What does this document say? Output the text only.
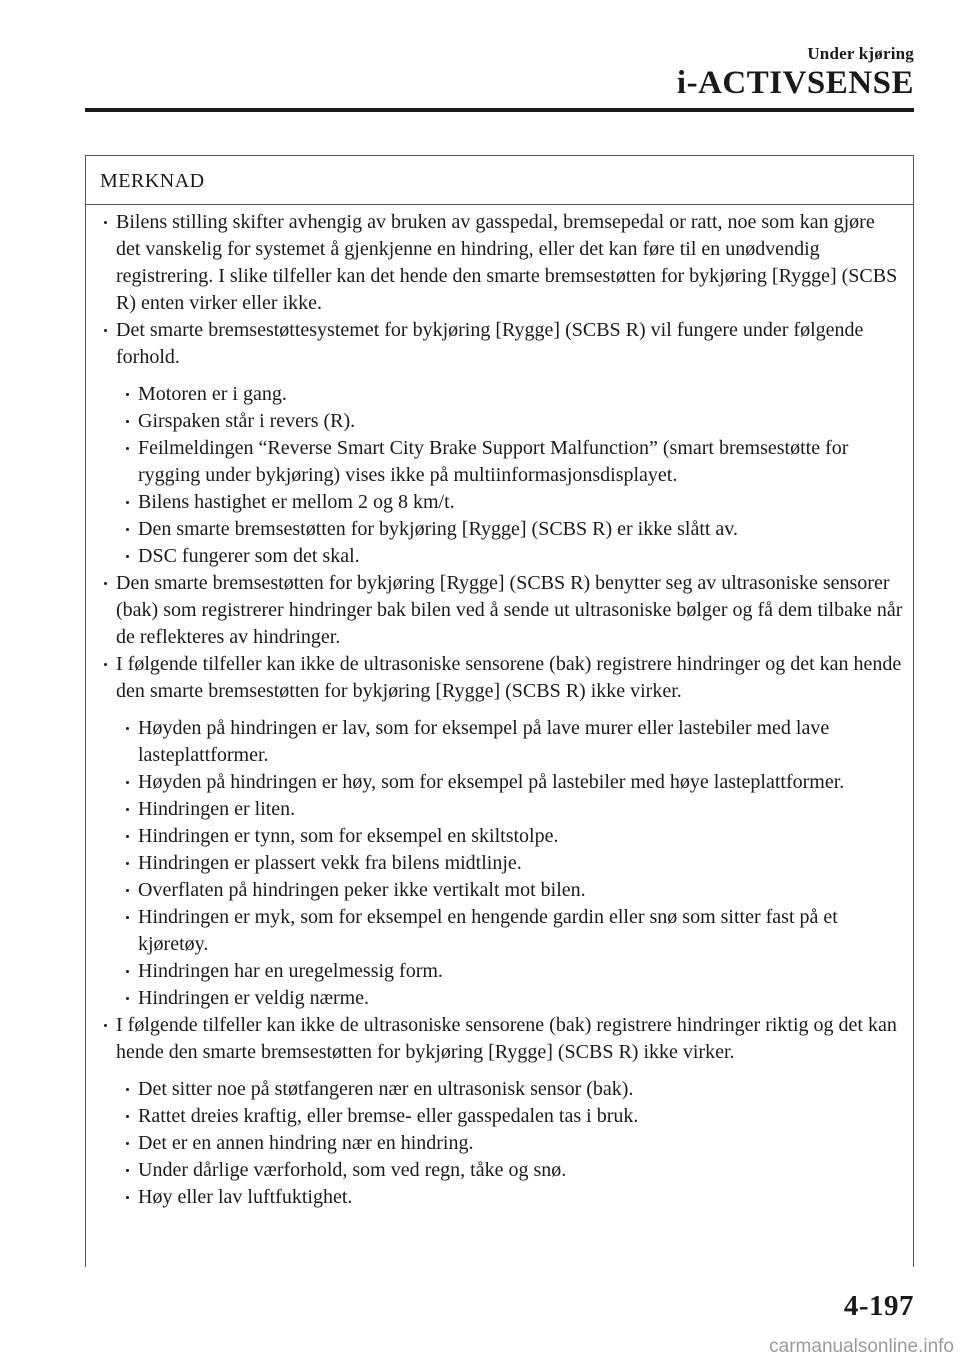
Under kjøring
i-ACTIVSENSE
MERKNAD
Bilens stilling skifter avhengig av bruken av gasspedal, bremsepedal or ratt, noe som kan gjøre det vanskelig for systemet å gjenkjenne en hindring, eller det kan føre til en unødvendig registrering. I slike tilfeller kan det hende den smarte bremsestøtten for bykjøring [Rygge] (SCBS R) enten virker eller ikke.
Det smarte bremsestøttesystemet for bykjøring [Rygge] (SCBS R) vil fungere under følgende forhold.
Motoren er i gang.
Girspaken står i revers (R).
Feilmeldingen “Reverse Smart City Brake Support Malfunction” (smart bremsestøtte for rygging under bykjøring) vises ikke på multiinformasjonsdisplayet.
Bilens hastighet er mellom 2 og 8 km/t.
Den smarte bremsestøtten for bykjøring [Rygge] (SCBS R) er ikke slått av.
DSC fungerer som det skal.
Den smarte bremsestøtten for bykjøring [Rygge] (SCBS R) benytter seg av ultrasoniske sensorer (bak) som registrerer hindringer bak bilen ved å sende ut ultrasoniske bølger og få dem tilbake når de reflekteres av hindringer.
I følgende tilfeller kan ikke de ultrasoniske sensorene (bak) registrere hindringer og det kan hende den smarte bremsestøtten for bykjøring [Rygge] (SCBS R) ikke virker.
Høyden på hindringen er lav, som for eksempel på lave murer eller lastebiler med lave lasteplattformer.
Høyden på hindringen er høy, som for eksempel på lastebiler med høye lasteplattformer.
Hindringen er liten.
Hindringen er tynn, som for eksempel en skiltstolpe.
Hindringen er plassert vekk fra bilens midtlinje.
Overflaten på hindringen peker ikke vertikalt mot bilen.
Hindringen er myk, som for eksempel en hengende gardin eller snø som sitter fast på et kjøretøy.
Hindringen har en uregelmessig form.
Hindringen er veldig nærme.
I følgende tilfeller kan ikke de ultrasoniske sensorene (bak) registrere hindringer riktig og det kan hende den smarte bremsestøtten for bykjøring [Rygge] (SCBS R) ikke virker.
Det sitter noe på støtfangeren nær en ultrasonisk sensor (bak).
Rattet dreies kraftig, eller bremse- eller gasspedalen tas i bruk.
Det er en annen hindring nær en hindring.
Under dårlige værforhold, som ved regn, tåke og snø.
Høy eller lav luftfuktighet.
4-197
carmanualsonline.info
